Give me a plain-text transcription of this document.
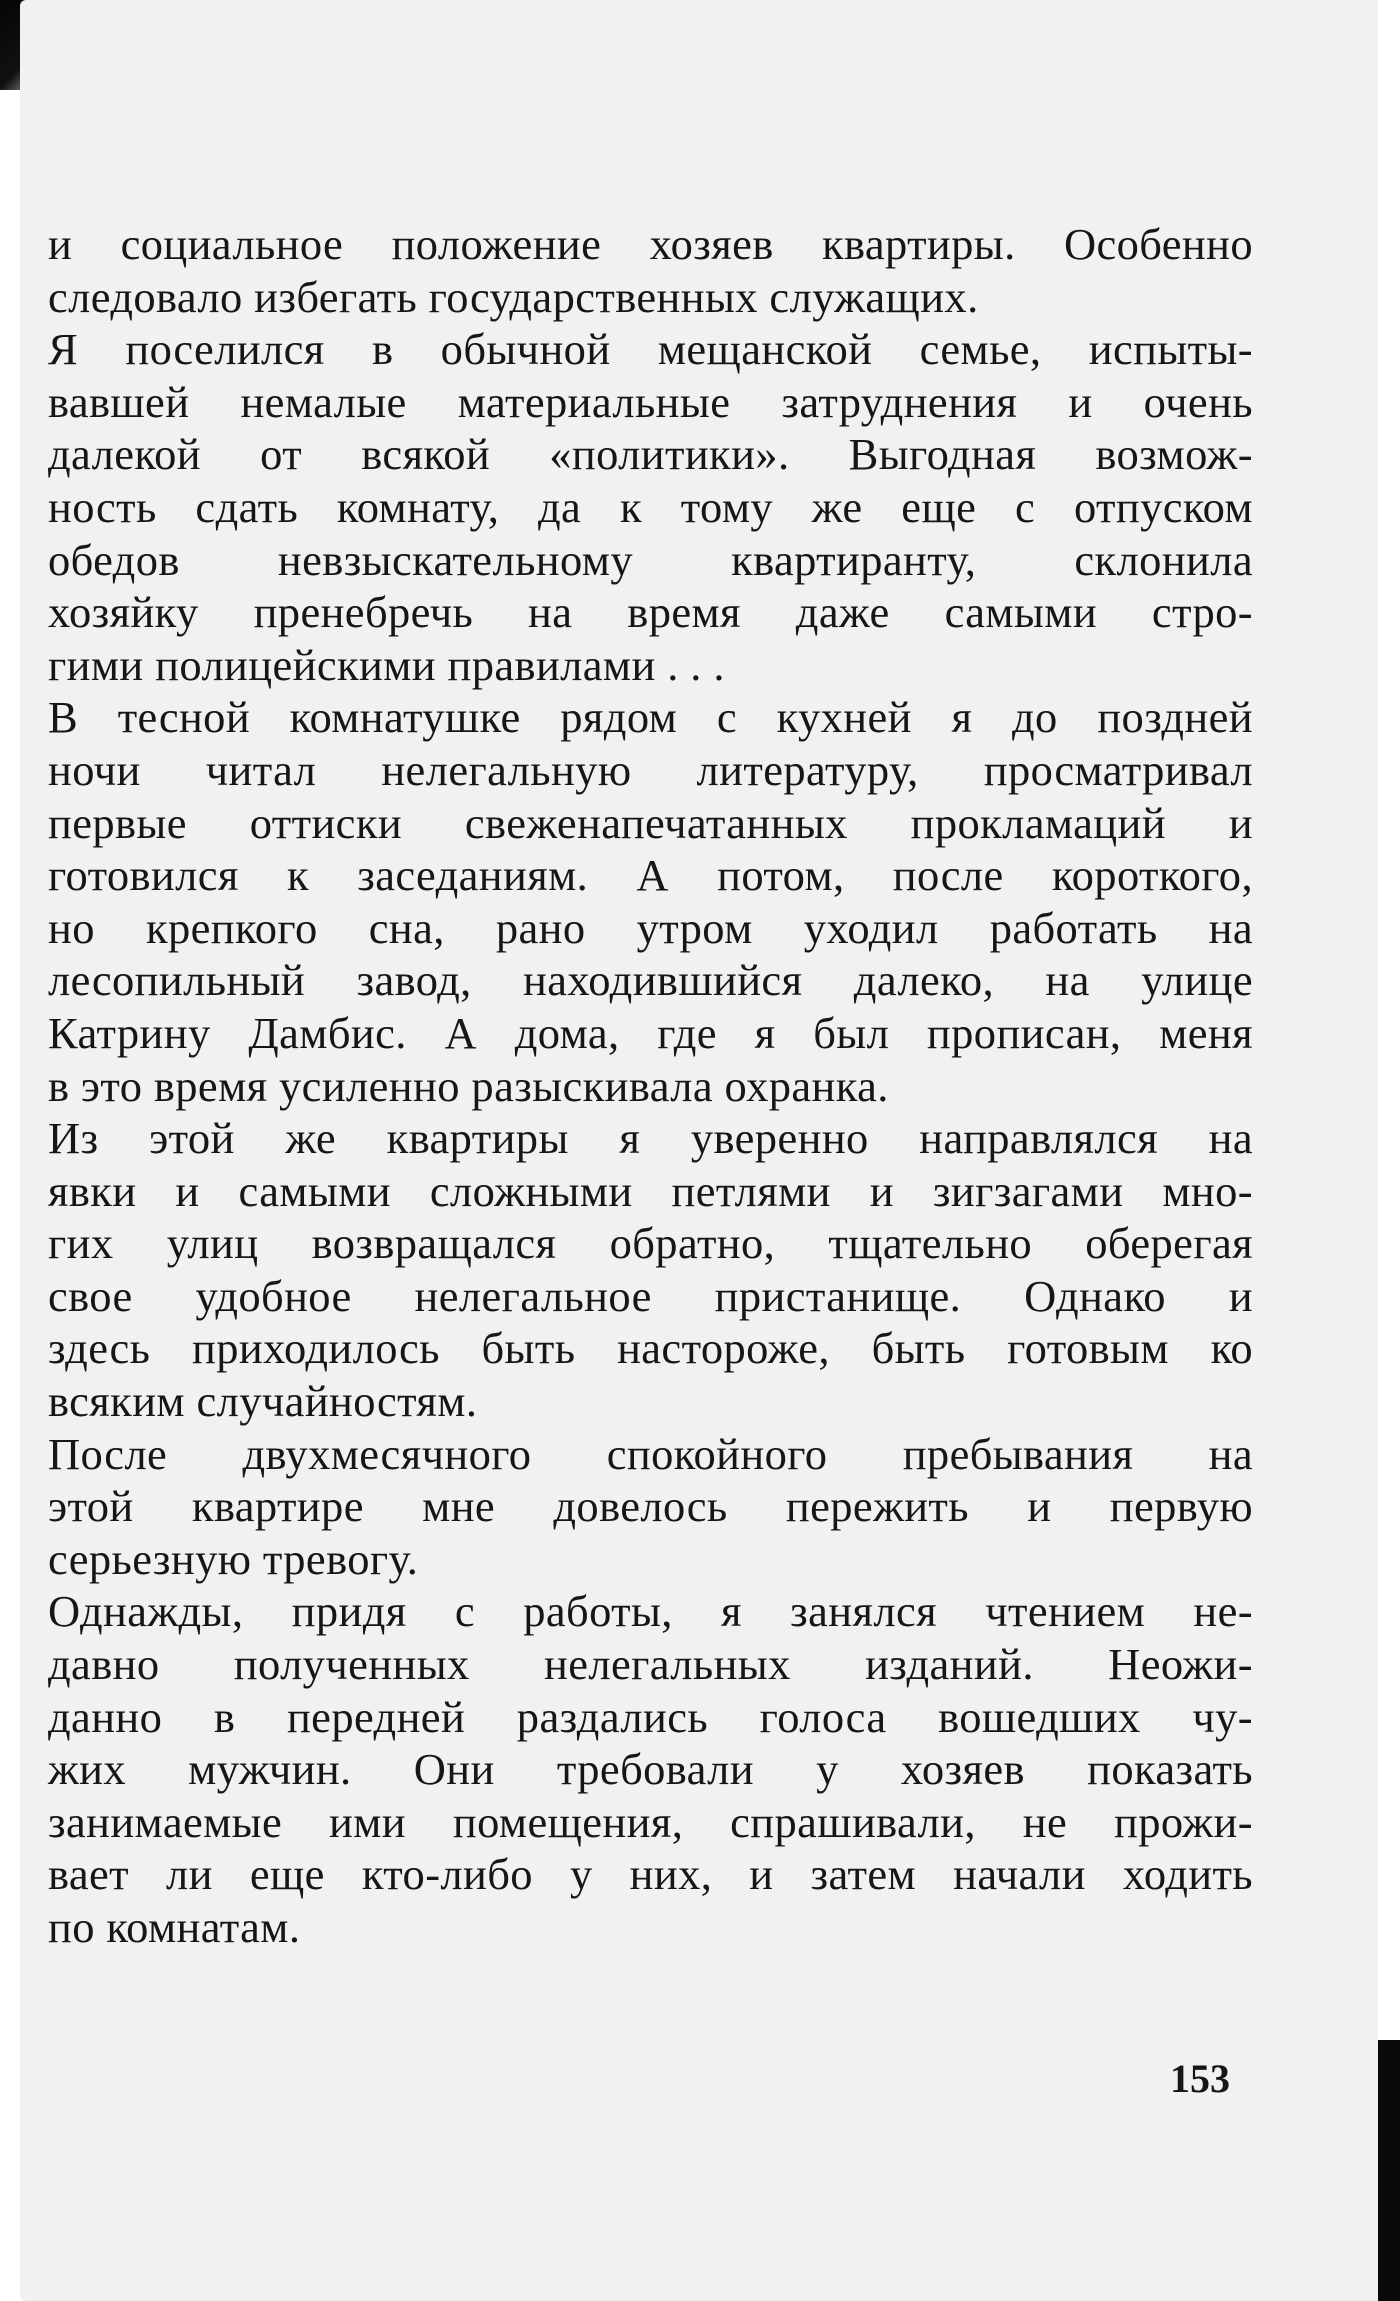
и социальное положение хозяев квартиры. Особенно
следовало избегать государственных служащих.
Я поселился в обычной мещанской семье, испыты-
вавшей немалые материальные затруднения и очень
далекой от всякой «политики». Выгодная возмож-
ность сдать комнату, да к тому же еще с отпуском
обедов невзыскательному квартиранту, склонила
хозяйку пренебречь на время даже самыми стро-
гими полицейскими правилами . . .
В тесной комнатушке рядом с кухней я до поздней
ночи читал нелегальную литературу, просматривал
первые оттиски свеженапечатанных прокламаций и
готовился к заседаниям. А потом, после короткого,
но крепкого сна, рано утром уходил работать на
лесопильный завод, находившийся далеко, на улице
Катрину Дамбис. А дома, где я был прописан, меня
в это время усиленно разыскивала охранка.
Из этой же квартиры я уверенно направлялся на
явки и самыми сложными петлями и зигзагами мно-
гих улиц возвращался обратно, тщательно оберегая
свое удобное нелегальное пристанище. Однако и
здесь приходилось быть настороже, быть готовым ко
всяким случайностям.
После двухмесячного спокойного пребывания на
этой квартире мне довелось пережить и первую
серьезную тревогу.
Однажды, придя с работы, я занялся чтением не-
давно полученных нелегальных изданий. Неожи-
данно в передней раздались голоса вошедших чу-
жих мужчин. Они требовали у хозяев показать
занимаемые ими помещения, спрашивали, не прожи-
вает ли еще кто-либо у них, и затем начали ходить
по комнатам.
153
